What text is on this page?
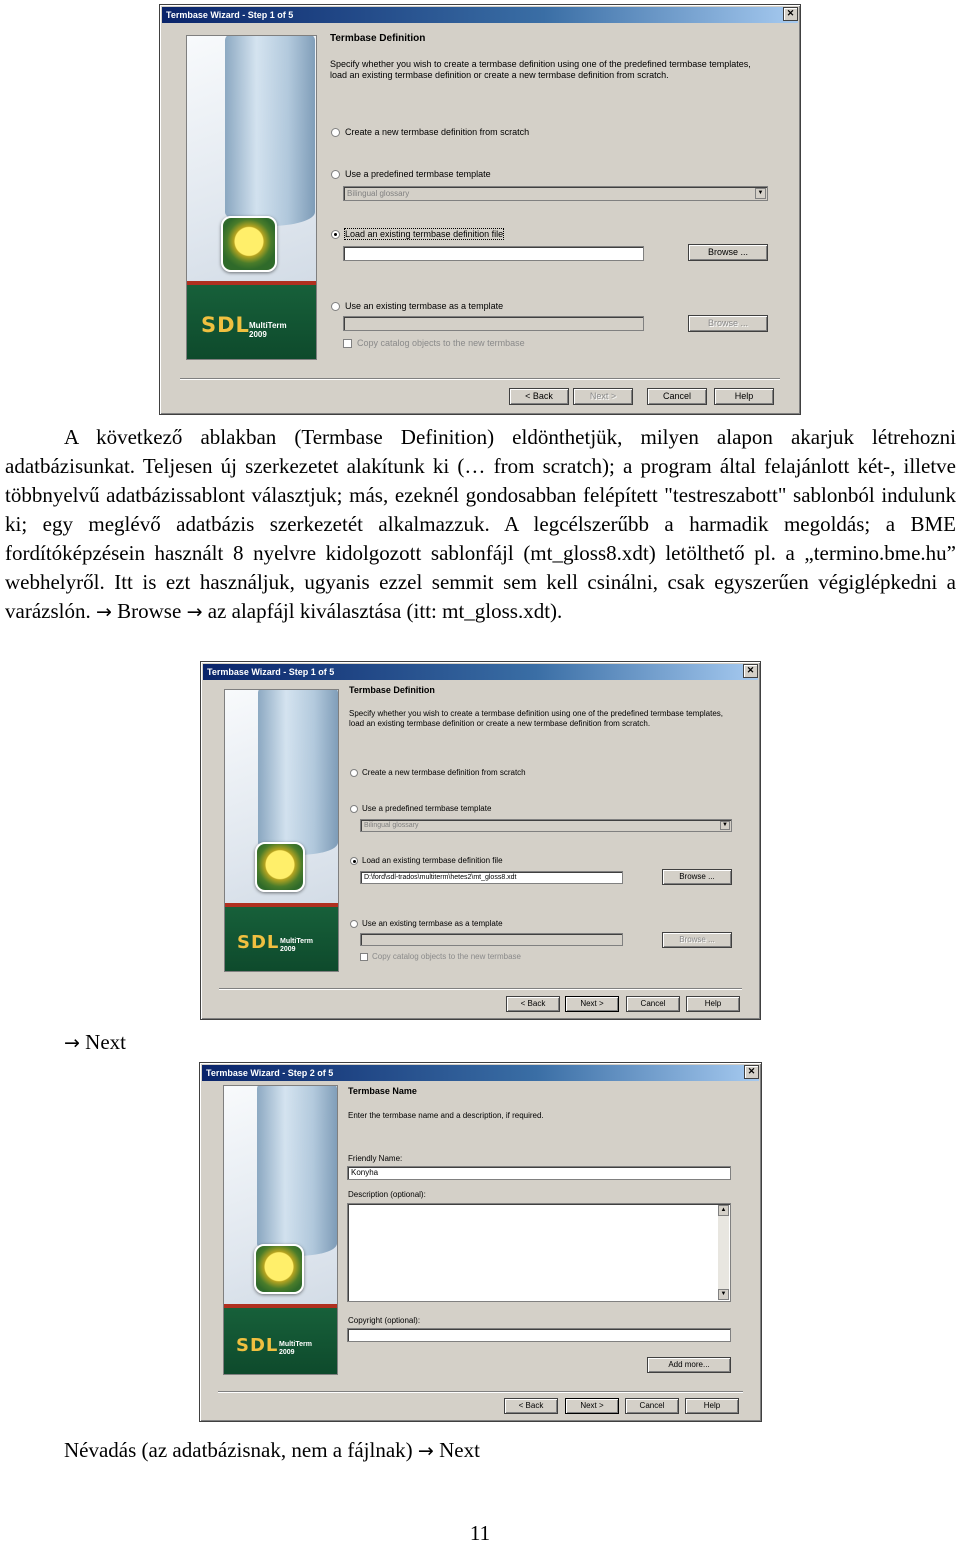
Termbase Wizard - Step 1 of 5	✕
SDL MultiTerm
2009
Termbase Definition
Specify whether you wish to create a termbase definition using one of the predefined termbase templates, load an existing termbase definition or create a new termbase definition from scratch.
Create a new termbase definition from scratch
Use a predefined termbase template
Bilingual glossary	▼
Load an existing termbase definition file
Browse ...
Use an existing termbase as a template
Browse ...
Copy catalog objects to the new termbase
< Back	Next >	Cancel	Help
A következő ablakban (Termbase Definition) eldönthetjük, milyen alapon akarjuk létrehozni adatbázisunkat. Teljesen új szerkezetet alakítunk ki (… from scratch); a program által felajánlott két-, illetve többnyelvű adatbázissablont választjuk; más, ezeknél gondosabban felépített "testreszabott" sablonból indulunk ki; egy meglévő adatbázis szerkezetét alkalmazzuk. A legcélszerűbb a harmadik megoldás; a BME fordítóképzésein használt 8 nyelvre kidolgozott sablonfájl (mt_gloss8.xdt) letölthető pl. a „termino.bme.hu” webhelyről. Itt is ezt használjuk, ugyanis ezzel semmit sem kell csinálni, csak egyszerűen végiglépkedni a varázslón. → Browse → az alapfájl kiválasztása (itt: mt_gloss.xdt).
Termbase Wizard - Step 1 of 5	✕
SDL MultiTerm
2009
Termbase Definition
Specify whether you wish to create a termbase definition using one of the predefined termbase templates, load an existing termbase definition or create a new termbase definition from scratch.
Create a new termbase definition from scratch
Use a predefined termbase template
Bilingual glossary	▼
Load an existing termbase definition file
D:\ford\sdl-trados\multiterm\hetes2\mt_gloss8.xdt	Browse ...
Use an existing termbase as a template
Browse ...
Copy catalog objects to the new termbase
< Back	Next >	Cancel	Help
→ Next
Termbase Wizard - Step 2 of 5	✕
SDL MultiTerm
2009
Termbase Name
Enter the termbase name and a description, if required.
Friendly Name:
Konyha
Description (optional):
▲
▼
Copyright (optional):
Add more...
< Back	Next >	Cancel	Help
Névadás (az adatbázisnak, nem a fájlnak) → Next
11
